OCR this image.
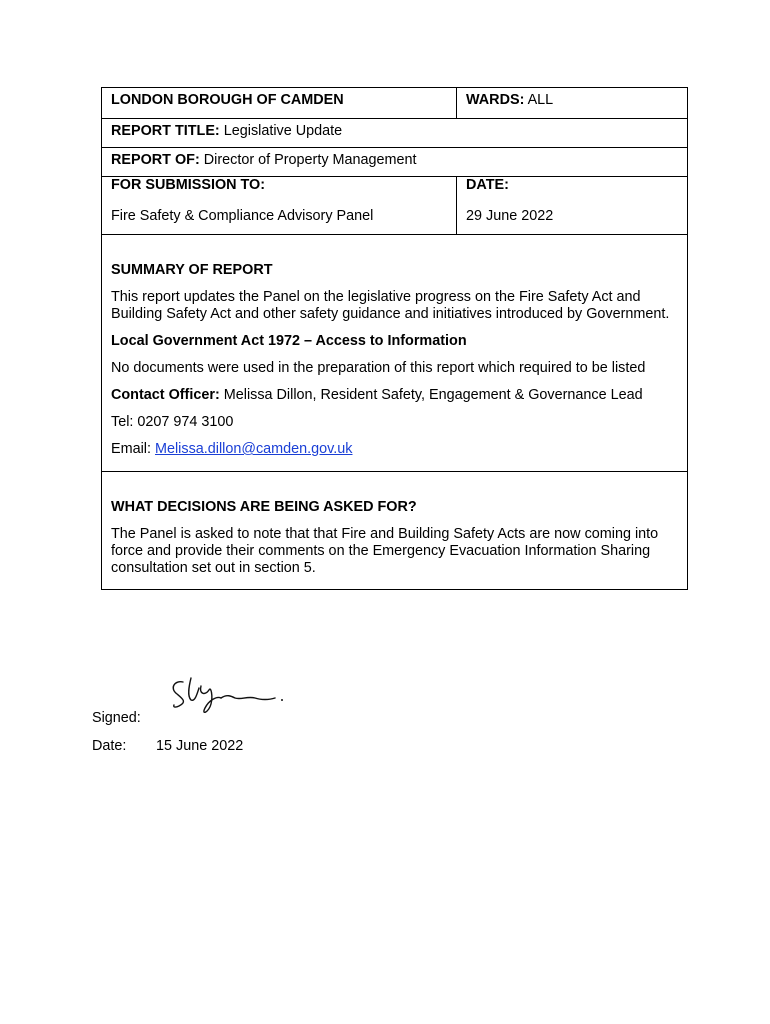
LONDON BOROUGH OF CAMDEN	WARDS: ALL
REPORT TITLE: Legislative Update
REPORT OF: Director of Property Management
FOR SUBMISSION TO:
Fire Safety & Compliance Advisory Panel
DATE:
29 June 2022

SUMMARY OF REPORT

This report updates the Panel on the legislative progress on the Fire Safety Act and Building Safety Act and other safety guidance and initiatives introduced by Government.

Local Government Act 1972 – Access to Information

No documents were used in the preparation of this report which required to be listed

Contact Officer: Melissa Dillon, Resident Safety, Engagement & Governance Lead

Tel: 0207 974 3100

Email: Melissa.dillon@camden.gov.uk

WHAT DECISIONS ARE BEING ASKED FOR?

The Panel is asked to note that that Fire and Building Safety Acts are now coming into force and provide their comments on the Emergency Evacuation Information Sharing consultation set out in section 5.

Signed:
Date: 15 June 2022
